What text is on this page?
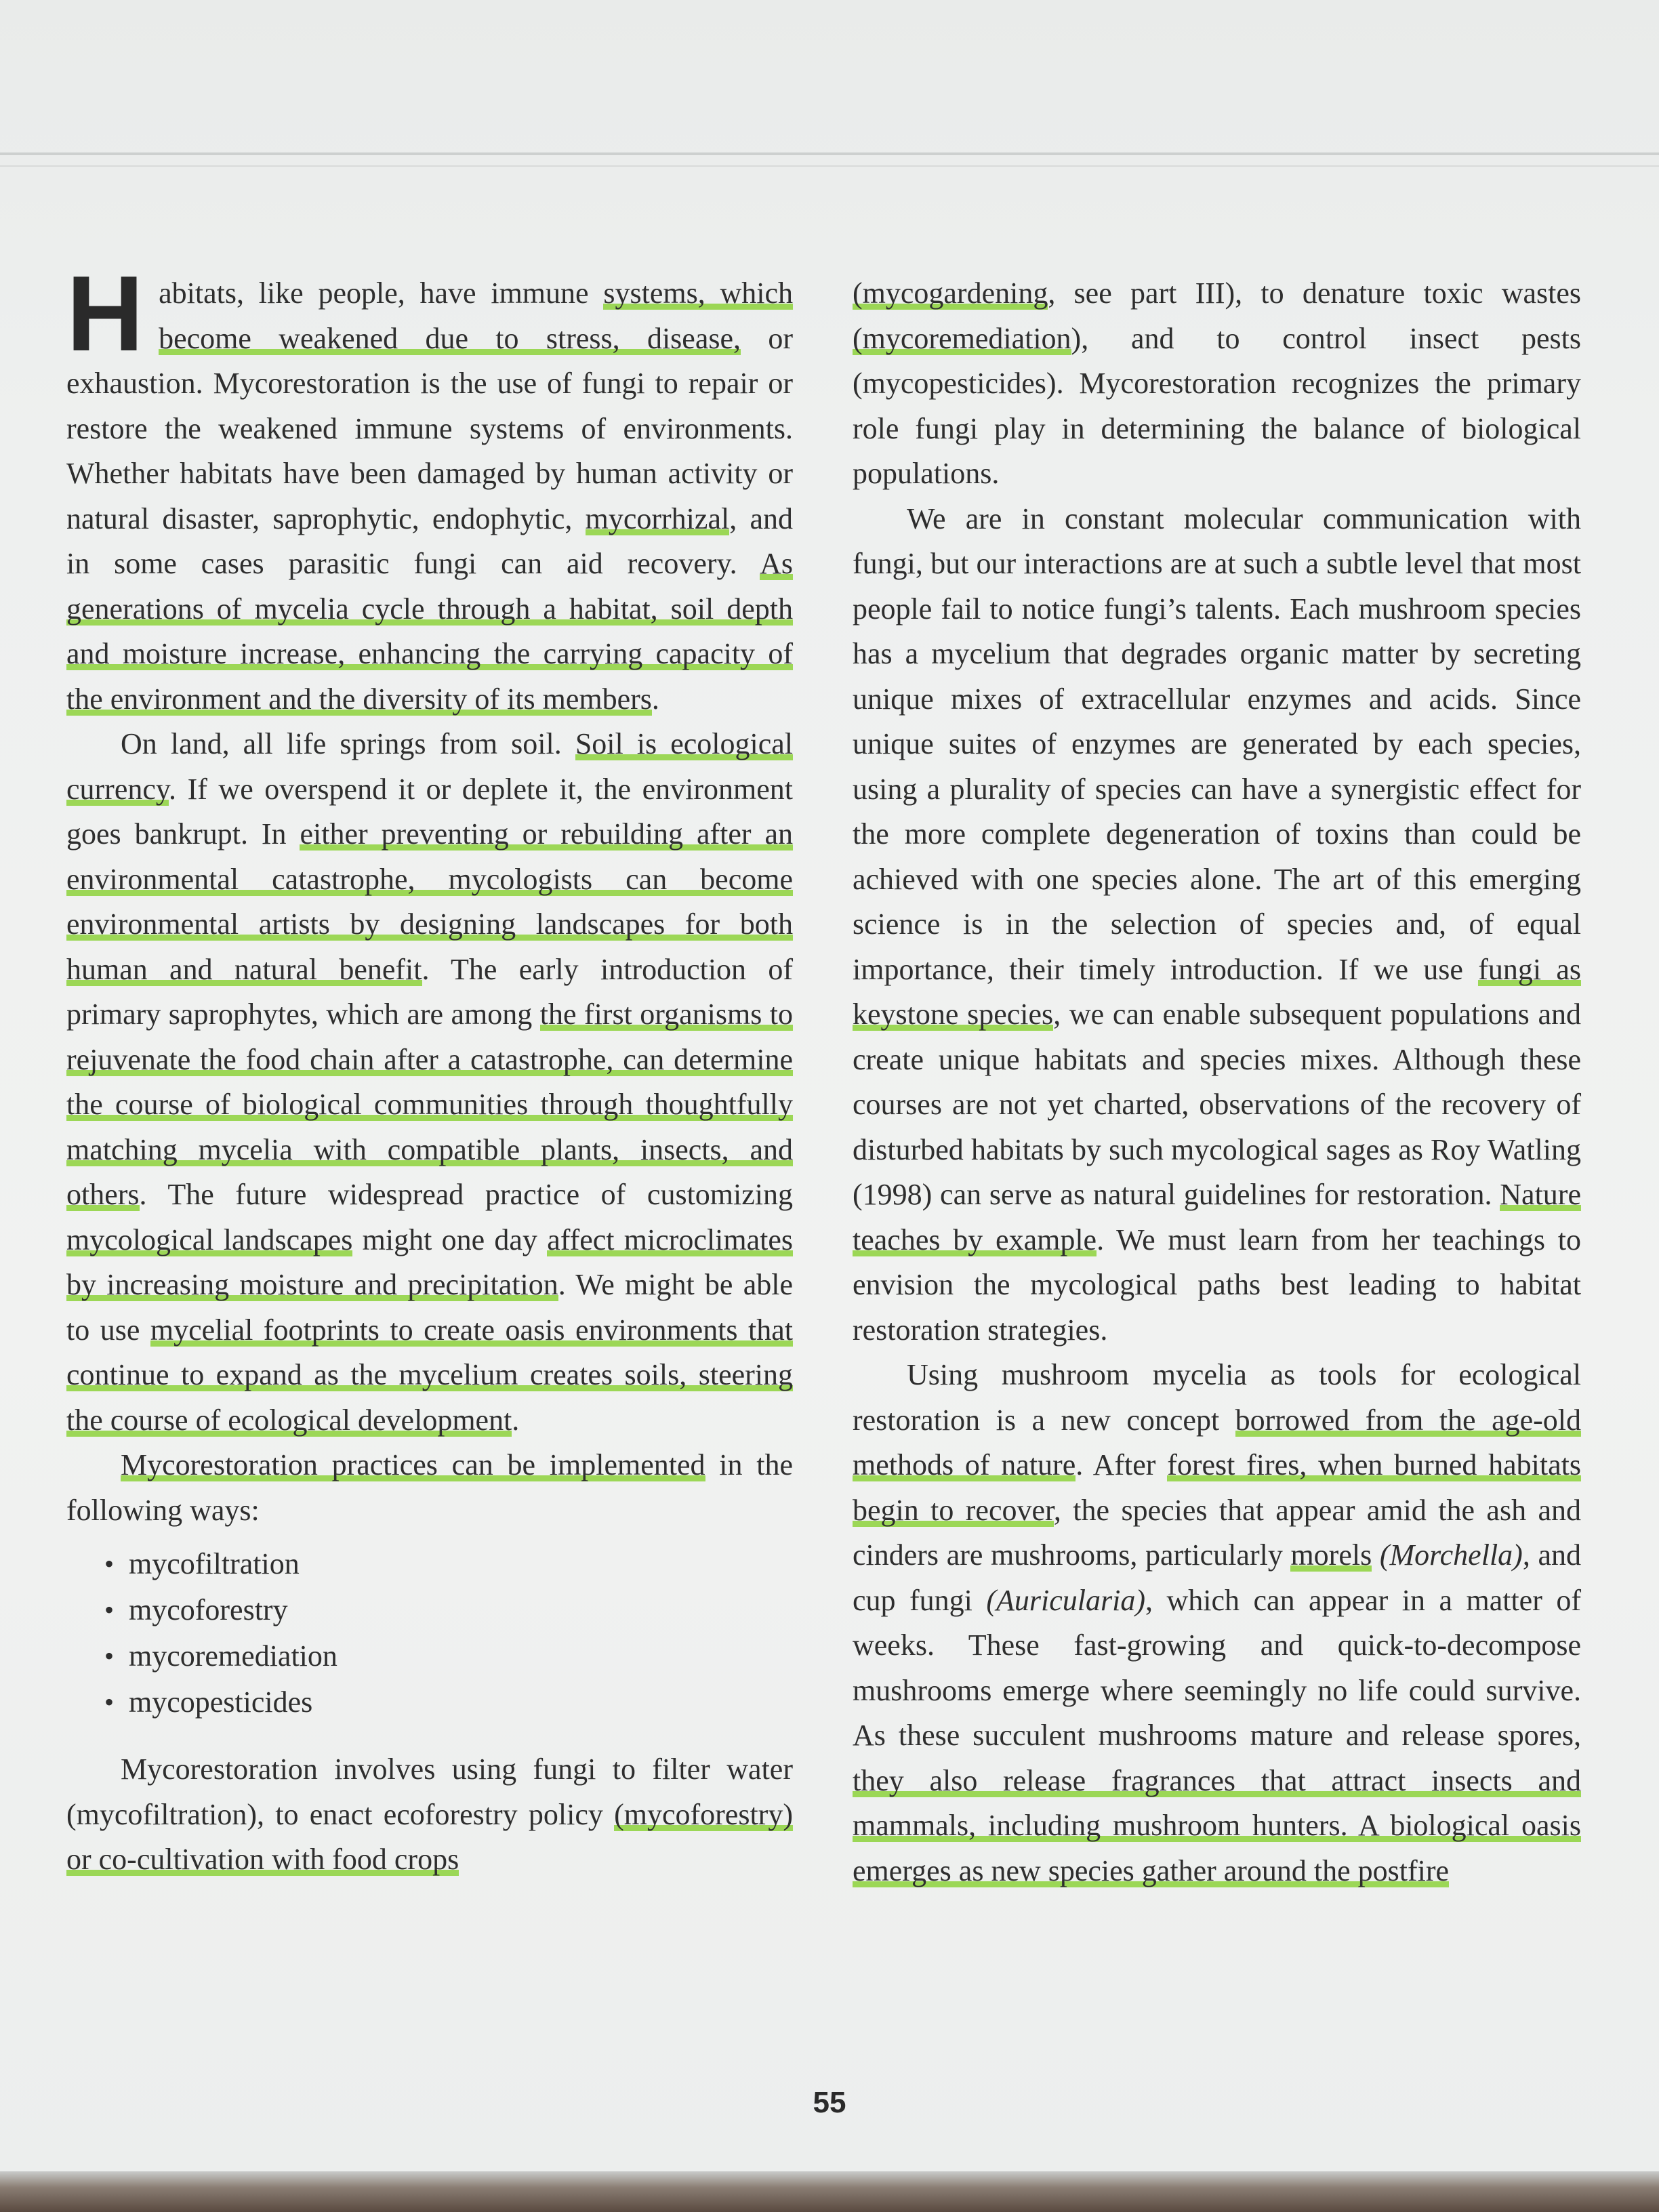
Habitats, like people, have immune systems, which become weakened due to stress, disease, or exhaustion. Mycorestoration is the use of fungi to repair or restore the weakened immune systems of environments. Whether habitats have been damaged by human activity or natural disaster, saprophytic, endophytic, mycorrhizal, and in some cases parasitic fungi can aid recovery. As generations of mycelia cycle through a habitat, soil depth and moisture increase, enhancing the carrying capacity of the environment and the diversity of its members.

On land, all life springs from soil. Soil is ecological currency. If we overspend it or deplete it, the environment goes bankrupt. In either preventing or rebuilding after an environmental catastrophe, mycologists can become environmental artists by designing landscapes for both human and natural benefit. The early introduction of primary saprophytes, which are among the first organisms to rejuvenate the food chain after a catastrophe, can determine the course of biological communities through thoughtfully matching mycelia with compatible plants, insects, and others. The future widespread practice of customizing mycological landscapes might one day affect microclimates by increasing moisture and precipitation. We might be able to use mycelial footprints to create oasis environments that continue to expand as the mycelium creates soils, steering the course of ecological development.

Mycorestoration practices can be implemented in the following ways:

• mycofiltration
• mycoforestry
• mycoremediation
• mycopesticides

Mycorestoration involves using fungi to filter water (mycofiltration), to enact ecoforestry policy (mycoforestry) or co-cultivation with food crops

(mycogardening, see part III), to denature toxic wastes (mycoremediation), and to control insect pests (mycopesticides). Mycorestoration recognizes the primary role fungi play in determining the balance of biological populations.

We are in constant molecular communication with fungi, but our interactions are at such a subtle level that most people fail to notice fungi’s talents. Each mushroom species has a mycelium that degrades organic matter by secreting unique mixes of extracellular enzymes and acids. Since unique suites of enzymes are generated by each species, using a plurality of species can have a synergistic effect for the more complete degeneration of toxins than could be achieved with one species alone. The art of this emerging science is in the selection of species and, of equal importance, their timely introduction. If we use fungi as keystone species, we can enable subsequent populations and create unique habitats and species mixes. Although these courses are not yet charted, observations of the recovery of disturbed habitats by such mycological sages as Roy Watling (1998) can serve as natural guidelines for restoration. Nature teaches by example. We must learn from her teachings to envision the mycological paths best leading to habitat restoration strategies.

Using mushroom mycelia as tools for ecological restoration is a new concept borrowed from the age-old methods of nature. After forest fires, when burned habitats begin to recover, the species that appear amid the ash and cinders are mushrooms, particularly morels (Morchella), and cup fungi (Auricularia), which can appear in a matter of weeks. These fast-growing and quick-to-decompose mushrooms emerge where seemingly no life could survive. As these succulent mushrooms mature and release spores, they also release fragrances that attract insects and mammals, including mushroom hunters. A biological oasis emerges as new species gather around the postfire

55
